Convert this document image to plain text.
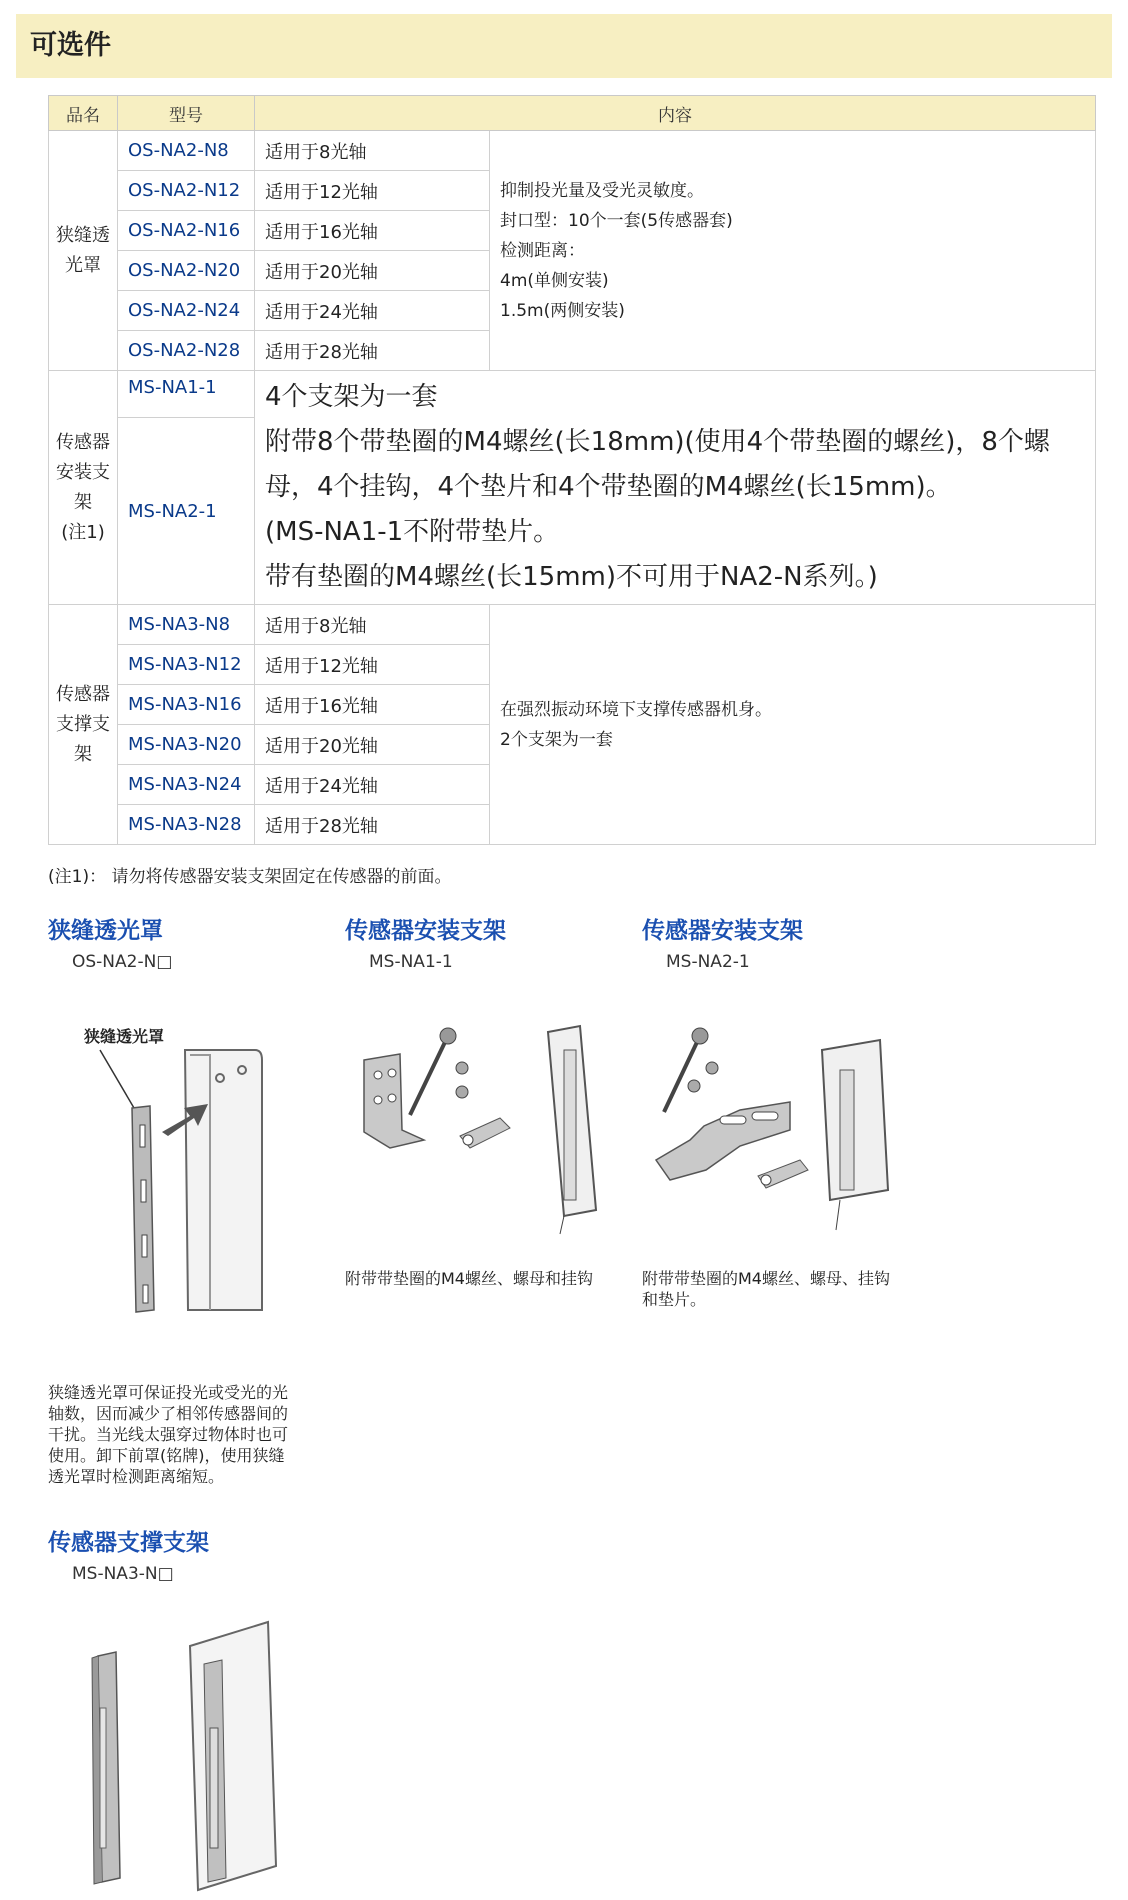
可选件
品名	型号	内容	
狭缝透
光罩	OS-NA2-N8	适用于8光轴	抑制投光量及受光灵敏度。
封口型：10个一套(5传感器套)
检测距离：
4m(单侧安装)
1.5m(两侧安装)
	OS-NA2-N12	适用于12光轴	
	OS-NA2-N16	适用于16光轴	
	OS-NA2-N20	适用于20光轴	
	OS-NA2-N24	适用于24光轴	
	OS-NA2-N28	适用于28光轴	
传感器
安装支
架
(注1)	MS-NA1-1	4个支架为一套
附带8个带垫圈的M4螺丝(长18mm)(使用4个带垫圈的螺丝)，8个螺母，4个挂钩，4个垫片和4个带垫圈的M4螺丝(长15mm)。
(MS-NA1-1不附带垫片。
带有垫圈的M4螺丝(长15mm)不可用于NA2-N系列。)	
	MS-NA2-1		
传感器
支撑支
架	MS-NA3-N8	适用于8光轴	在强烈振动环境下支撑传感器机身。
2个支架为一套
	MS-NA3-N12	适用于12光轴	
	MS-NA3-N16	适用于16光轴	
	MS-NA3-N20	适用于20光轴	
	MS-NA3-N24	适用于24光轴	
	MS-NA3-N28	适用于28光轴	
(注1)： 请勿将传感器安装支架固定在传感器的前面。
狭缝透光罩
OS-NA2-N□
狭缝透光罩
狭缝透光罩可保证投光或受光的光
轴数，因而减少了相邻传感器间的
干扰。当光线太强穿过物体时也可
使用。卸下前罩(铭牌)，使用狭缝
透光罩时检测距离缩短。
传感器安装支架
MS-NA1-1
附带带垫圈的M4螺丝、螺母和挂钩
传感器安装支架
MS-NA2-1
附带带垫圈的M4螺丝、螺母、挂钩
和垫片。
传感器支撑支架
MS-NA3-N□
